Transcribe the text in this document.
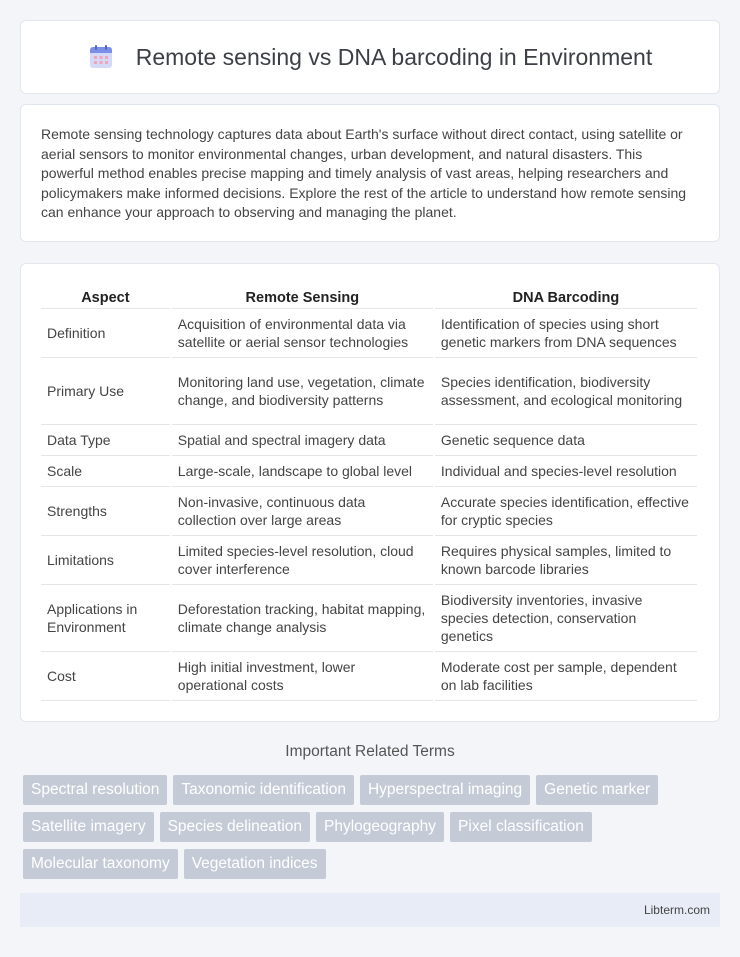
Remote sensing vs DNA barcoding in Environment

Remote sensing technology captures data about Earth's surface without direct contact, using satellite or aerial sensors to monitor environmental changes, urban development, and natural disasters. This powerful method enables precise mapping and timely analysis of vast areas, helping researchers and policymakers make informed decisions. Explore the rest of the article to understand how remote sensing can enhance your approach to observing and managing the planet.

Aspect	Remote Sensing	DNA Barcoding
Definition	Acquisition of environmental data via satellite or aerial sensor technologies	Identification of species using short genetic markers from DNA sequences
Primary Use	Monitoring land use, vegetation, climate change, and biodiversity patterns	Species identification, biodiversity assessment, and ecological monitoring
Data Type	Spatial and spectral imagery data	Genetic sequence data
Scale	Large-scale, landscape to global level	Individual and species-level resolution
Strengths	Non-invasive, continuous data collection over large areas	Accurate species identification, effective for cryptic species
Limitations	Limited species-level resolution, cloud cover interference	Requires physical samples, limited to known barcode libraries
Applications in Environment	Deforestation tracking, habitat mapping, climate change analysis	Biodiversity inventories, invasive species detection, conservation genetics
Cost	High initial investment, lower operational costs	Moderate cost per sample, dependent on lab facilities
Important Related Terms
Spectral resolution	Taxonomic identification	Hyperspectral imaging	Genetic marker
Satellite imagery	Species delineation	Phylogeography	Pixel classification
Molecular taxonomy	Vegetation indices
Libterm.com
